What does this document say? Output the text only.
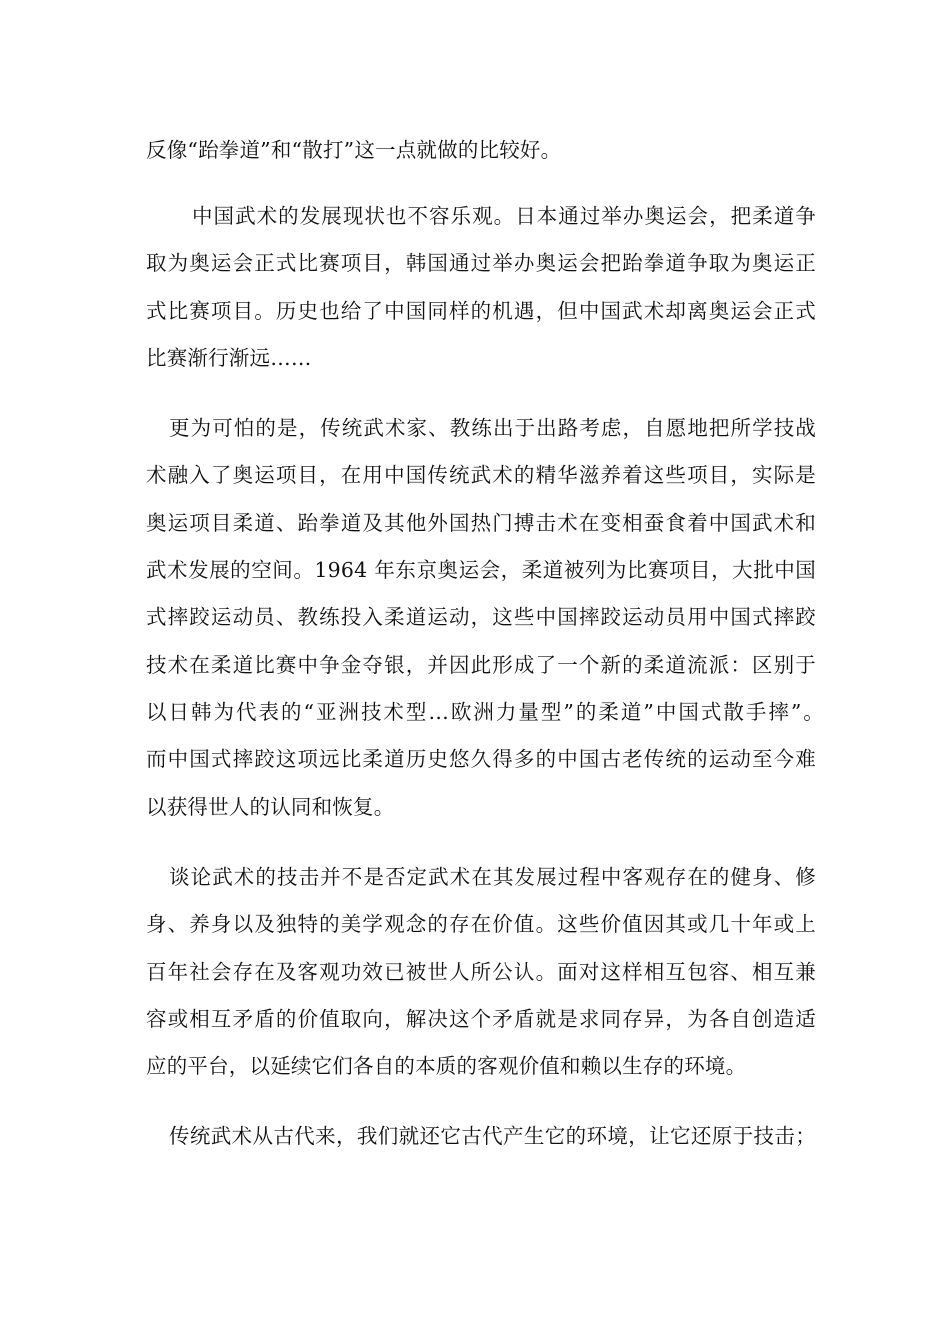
反像“跆拳道”和“散打”这一点就做的比较好。
中国武术的发展现状也不容乐观。日本通过举办奥运会，把柔道争
取为奥运会正式比赛项目，韩国通过举办奥运会把跆拳道争取为奥运正
式比赛项目。历史也给了中国同样的机遇，但中国武术却离奥运会正式
比赛渐行渐远……
更为可怕的是，传统武术家、教练出于出路考虑，自愿地把所学技战
术融入了奥运项目，在用中国传统武术的精华滋养着这些项目，实际是
奥运项目柔道、跆拳道及其他外国热门搏击术在变相蚕食着中国武术和
武术发展的空间。1964 年东京奥运会，柔道被列为比赛项目，大批中国
式摔跤运动员、教练投入柔道运动，这些中国摔跤运动员用中国式摔跤
技术在柔道比赛中争金夺银，并因此形成了一个新的柔道流派：区别于
以日韩为代表的“亚洲技术型…欧洲力量型”的柔道”中国式散手摔”。
而中国式摔跤这项远比柔道历史悠久得多的中国古老传统的运动至今难
以获得世人的认同和恢复。
谈论武术的技击并不是否定武术在其发展过程中客观存在的健身、修
身、养身以及独特的美学观念的存在价值。这些价值因其或几十年或上
百年社会存在及客观功效已被世人所公认。面对这样相互包容、相互兼
容或相互矛盾的价值取向，解决这个矛盾就是求同存异，为各自创造适
应的平台，以延续它们各自的本质的客观价值和赖以生存的环境。
传统武术从古代来，我们就还它古代产生它的环境，让它还原于技击；
